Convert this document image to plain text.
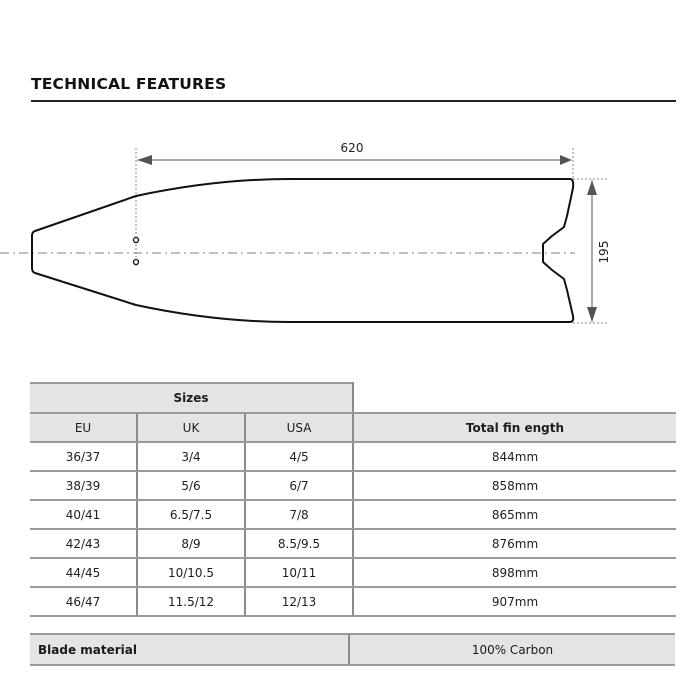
TECHNICAL FEATURES
620
195
Sizes			
EU	UK	USA	Total fin ength
36/37	3/4	4/5	844mm
38/39	5/6	6/7	858mm
40/41	6.5/7.5	7/8	865mm
42/43	8/9	8.5/9.5	876mm
44/45	10/10.5	10/11	898mm
46/47	11.5/12	12/13	907mm
Blade material	100% Carbon
